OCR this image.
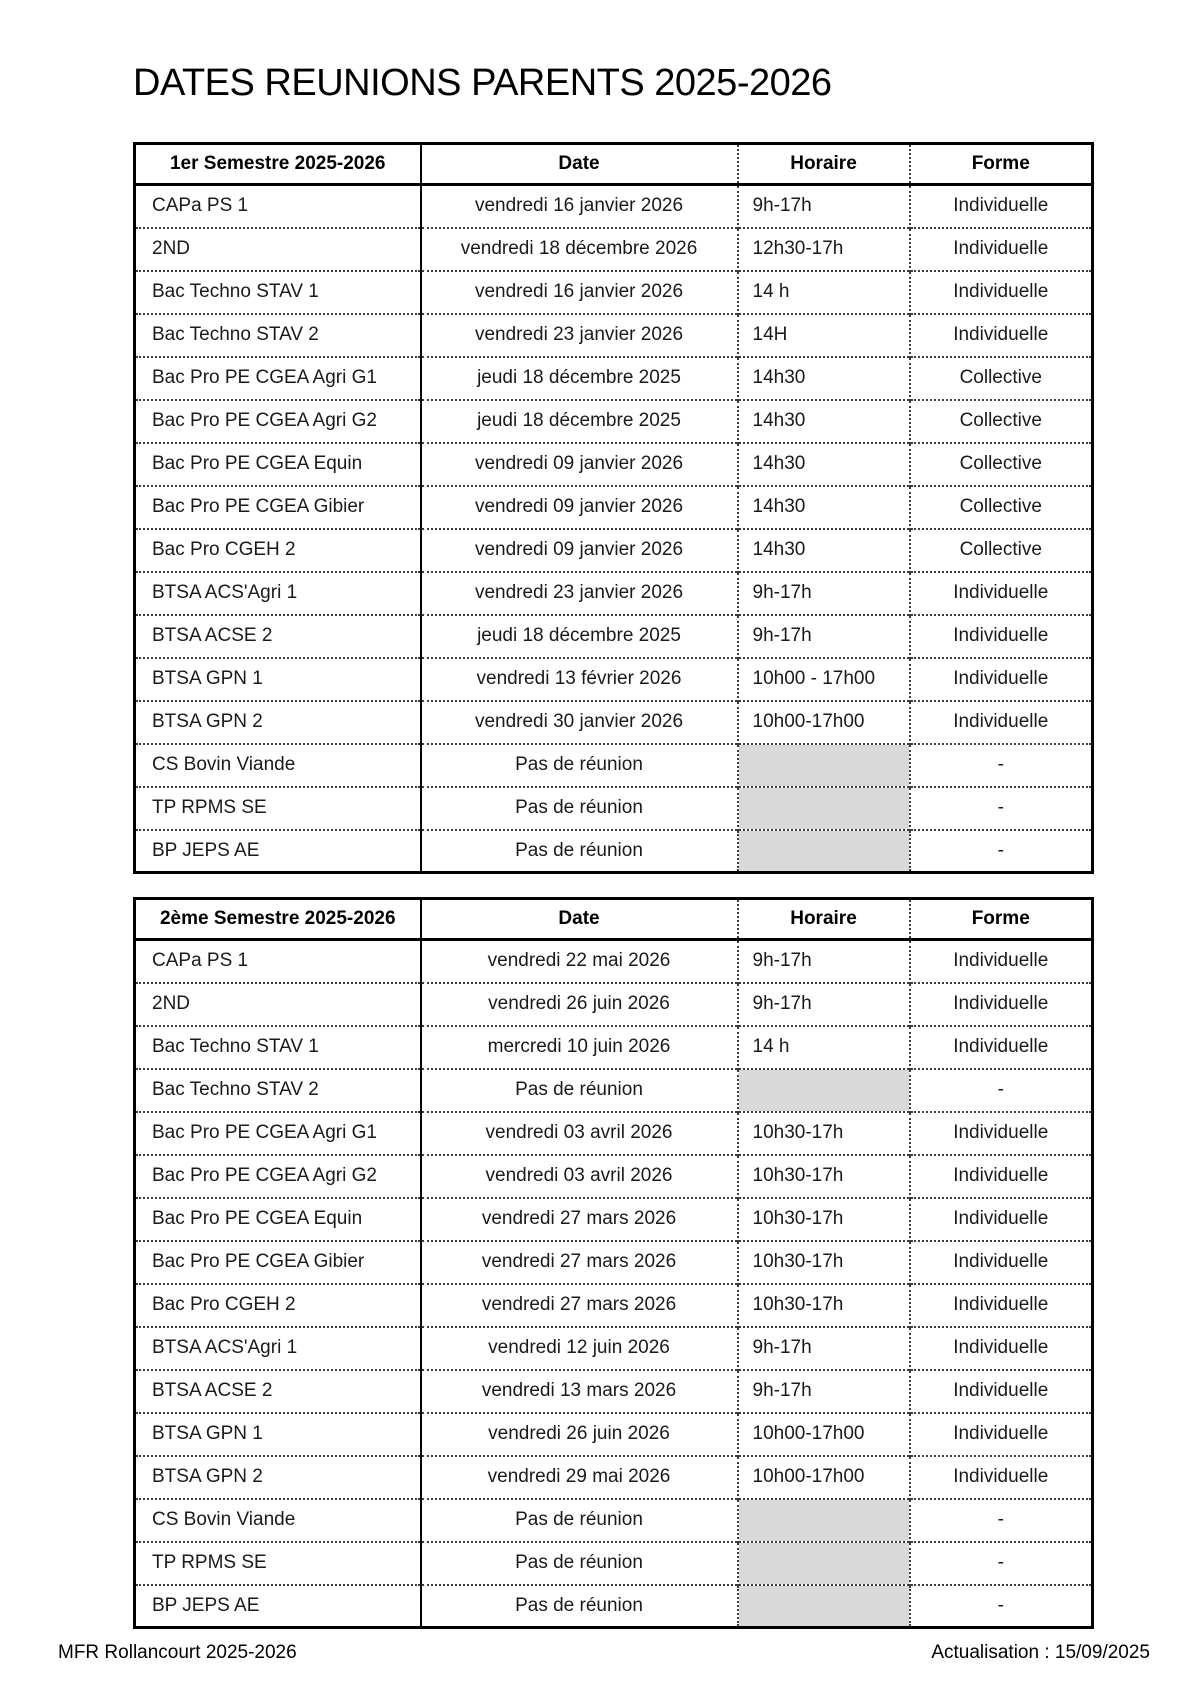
DATES REUNIONS PARENTS 2025-2026
1er Semestre 2025-2026	Date	Horaire	Forme
CAPa PS 1	vendredi 16 janvier 2026	9h-17h	Individuelle
2ND	vendredi 18 décembre 2026	12h30-17h	Individuelle
Bac Techno STAV 1	vendredi 16 janvier 2026	14 h	Individuelle
Bac Techno STAV 2	vendredi 23 janvier 2026	14H	Individuelle
Bac Pro PE CGEA Agri G1	jeudi 18 décembre 2025	14h30	Collective
Bac Pro PE CGEA Agri G2	jeudi 18 décembre 2025	14h30	Collective
Bac Pro PE CGEA Equin	vendredi 09 janvier 2026	14h30	Collective
Bac Pro PE CGEA Gibier	vendredi 09 janvier 2026	14h30	Collective
Bac Pro CGEH 2	vendredi 09 janvier 2026	14h30	Collective
BTSA ACS'Agri 1	vendredi 23 janvier 2026	9h-17h	Individuelle
BTSA ACSE 2	jeudi 18 décembre 2025	9h-17h	Individuelle
BTSA GPN 1	vendredi 13 février 2026	10h00 - 17h00	Individuelle
BTSA GPN 2	vendredi 30 janvier 2026	10h00-17h00	Individuelle
CS Bovin Viande	Pas de réunion		-
TP RPMS SE	Pas de réunion		-
BP JEPS AE	Pas de réunion		-
2ème Semestre 2025-2026	Date	Horaire	Forme
CAPa PS 1	vendredi 22 mai 2026	9h-17h	Individuelle
2ND	vendredi 26 juin 2026	9h-17h	Individuelle
Bac Techno STAV 1	mercredi 10 juin 2026	14 h	Individuelle
Bac Techno STAV 2	Pas de réunion		-
Bac Pro PE CGEA Agri G1	vendredi 03 avril 2026	10h30-17h	Individuelle
Bac Pro PE CGEA Agri G2	vendredi 03 avril 2026	10h30-17h	Individuelle
Bac Pro PE CGEA Equin	vendredi 27 mars 2026	10h30-17h	Individuelle
Bac Pro PE CGEA Gibier	vendredi 27 mars 2026	10h30-17h	Individuelle
Bac Pro CGEH 2	vendredi 27 mars 2026	10h30-17h	Individuelle
BTSA ACS'Agri 1	vendredi 12 juin 2026	9h-17h	Individuelle
BTSA ACSE 2	vendredi 13 mars 2026	9h-17h	Individuelle
BTSA GPN 1	vendredi 26 juin 2026	10h00-17h00	Individuelle
BTSA GPN 2	vendredi 29 mai 2026	10h00-17h00	Individuelle
CS Bovin Viande	Pas de réunion		-
TP RPMS SE	Pas de réunion		-
BP JEPS AE	Pas de réunion		-
MFR Rollancourt 2025-2026	Actualisation : 15/09/2025
